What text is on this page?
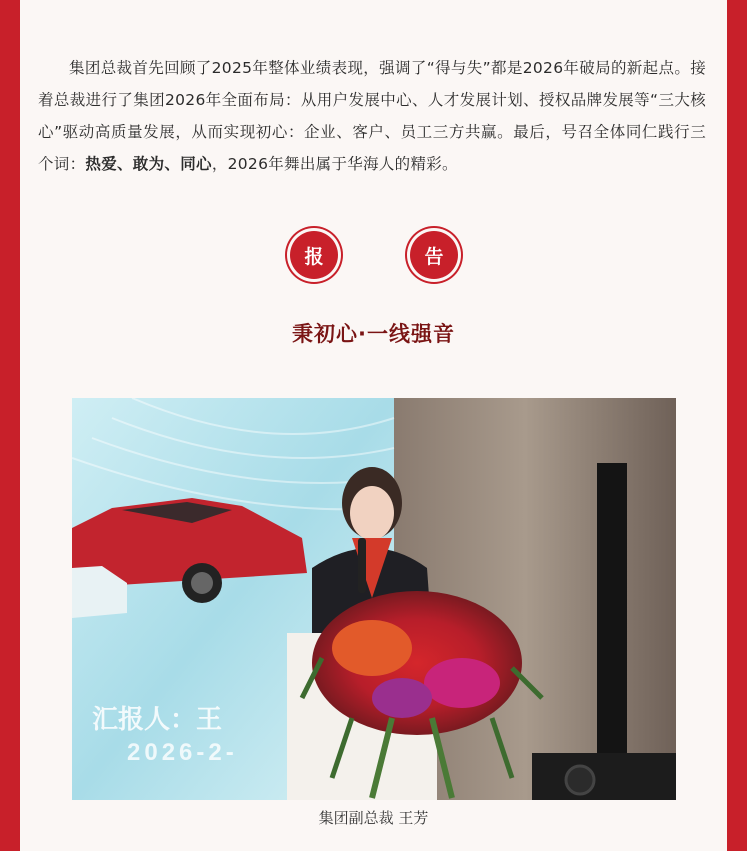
集团总裁首先回顾了2025年整体业绩表现，强调了“得与失”都是2026年破局的新起点。接着总裁进行了集团2026年全面布局：从用户发展中心、人才发展计划、授权品牌发展等“三大核心”驱动高质量发展，从而实现初心：企业、客户、员工三方共赢。最后，号召全体同仁践行三个词：热爱、敢为、同心，2026年舞出属于华海人的精彩。

报	告
秉初心·一线强音
汇报人：王
2026-2-
集团副总裁 王芳
